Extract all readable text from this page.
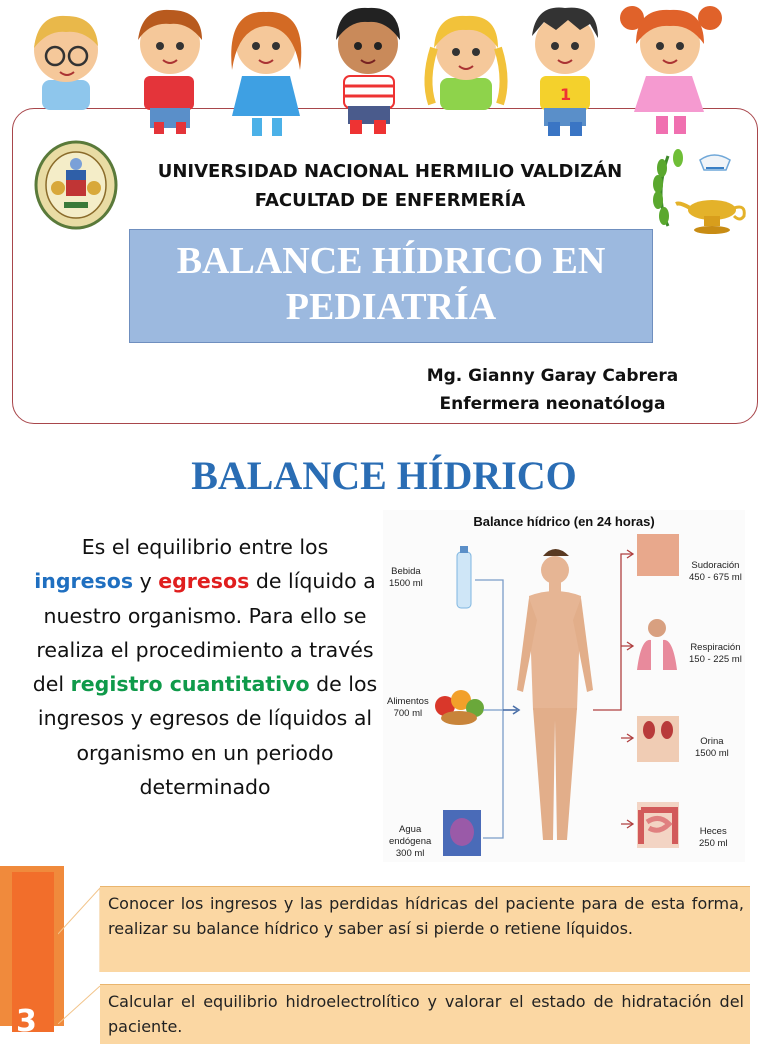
1
UNIVERSIDAD NACIONAL HERMILIO VALDIZÁN
FACULTAD DE ENFERMERÍA
BALANCE HÍDRICO EN
PEDIATRÍA
Mg. Gianny Garay Cabrera
Enfermera neonatóloga
BALANCE HÍDRICO
Es el equilibrio entre los
ingresos y egresos de líquido a nuestro organismo. Para ello se realiza el procedimiento a través del registro cuantitativo de los ingresos y egresos de líquidos al organismo en un periodo determinado
Balance hídrico (en 24 horas)
Bebida
1500 ml
Alimentos
700 ml
Agua
endógena
300 ml
Sudoración
450 - 675 ml
Respiración
150 - 225 ml
Orina
1500 ml
Heces
250 ml
3
Conocer los ingresos y las perdidas hídricas del paciente para de esta forma, realizar su balance hídrico y saber así si pierde o retiene líquidos.
Calcular el equilibrio hidroelectrolítico y valorar el estado de hidratación del paciente.
